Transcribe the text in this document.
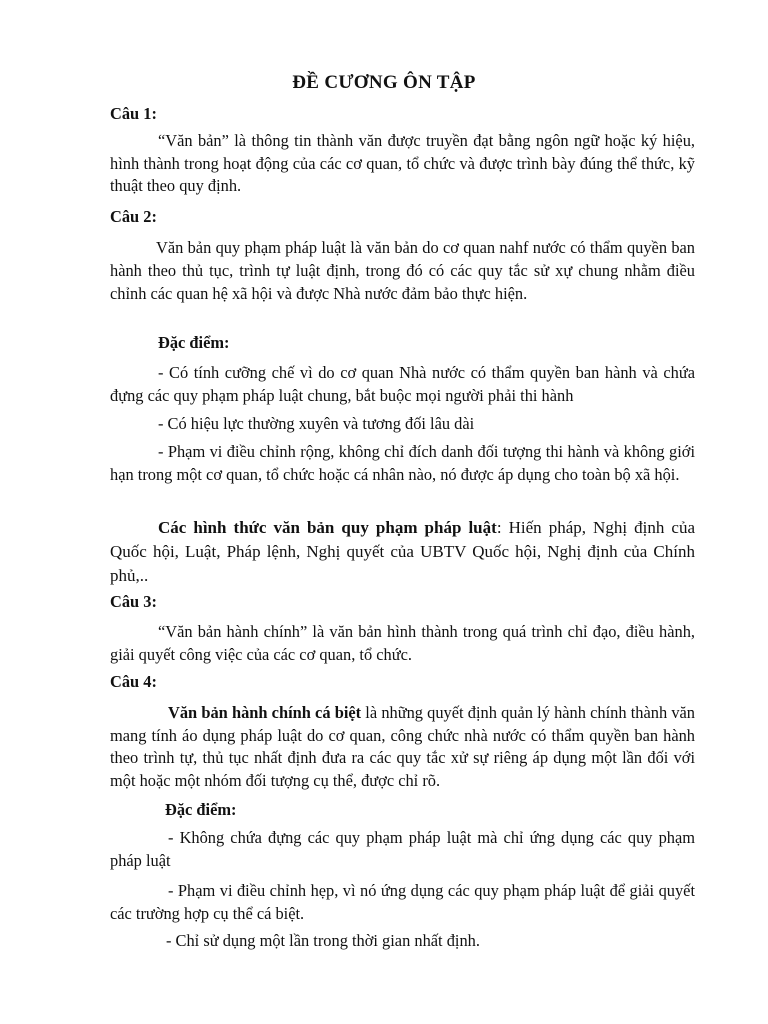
ĐỀ CƯƠNG ÔN TẬP
Câu 1:
“Văn bản” là thông tin thành văn được truyền đạt bằng ngôn ngữ hoặc ký hiệu, hình thành trong hoạt động của các cơ quan, tổ chức và được trình bày đúng thể thức, kỹ thuật theo quy định.
Câu 2:
Văn bản quy phạm pháp luật là văn bản do cơ quan nahf nước có thẩm quyền ban hành theo thủ tục, trình tự luật định, trong đó có các quy tắc sử xự chung nhằm điều chỉnh các quan hệ xã hội và được Nhà nước đảm bảo thực hiện.
Đặc điểm:
- Có tính cưỡng chế vì do cơ quan Nhà nước có thẩm quyền ban hành và chứa đựng các quy phạm pháp luật chung, bắt buộc mọi người phải thi hành
- Có hiệu lực thường xuyên và tương đối lâu dài
- Phạm vi điều chỉnh rộng, không chỉ đích danh đối tượng thi hành và không giới hạn trong một cơ quan, tổ chức hoặc cá nhân nào, nó được áp dụng cho toàn bộ xã hội.
Các hình thức văn bản quy phạm pháp luật: Hiến pháp, Nghị định của Quốc hội, Luật, Pháp lệnh, Nghị quyết của UBTV Quốc hội, Nghị định của Chính phủ,..
Câu 3:
“Văn bản hành chính” là văn bản hình thành trong quá trình chỉ đạo, điều hành, giải quyết công việc của các cơ quan, tổ chức.
Câu 4:
Văn bản hành chính cá biệt là những quyết định quản lý hành chính thành văn mang tính áo dụng pháp luật do cơ quan, công chức nhà nước có thẩm quyền ban hành theo trình tự, thủ tục nhất định đưa ra các quy tắc xử sự riêng áp dụng một lần đối với một hoặc một nhóm đối tượng cụ thể, được chỉ rõ.
Đặc điểm:
- Không chứa đựng các quy phạm pháp luật mà chỉ ứng dụng các quy phạm pháp luật
- Phạm vi điều chỉnh hẹp, vì nó ứng dụng các quy phạm pháp luật để giải quyết các trường hợp cụ thể cá biệt.
- Chỉ sử dụng một lần trong thời gian nhất định.
